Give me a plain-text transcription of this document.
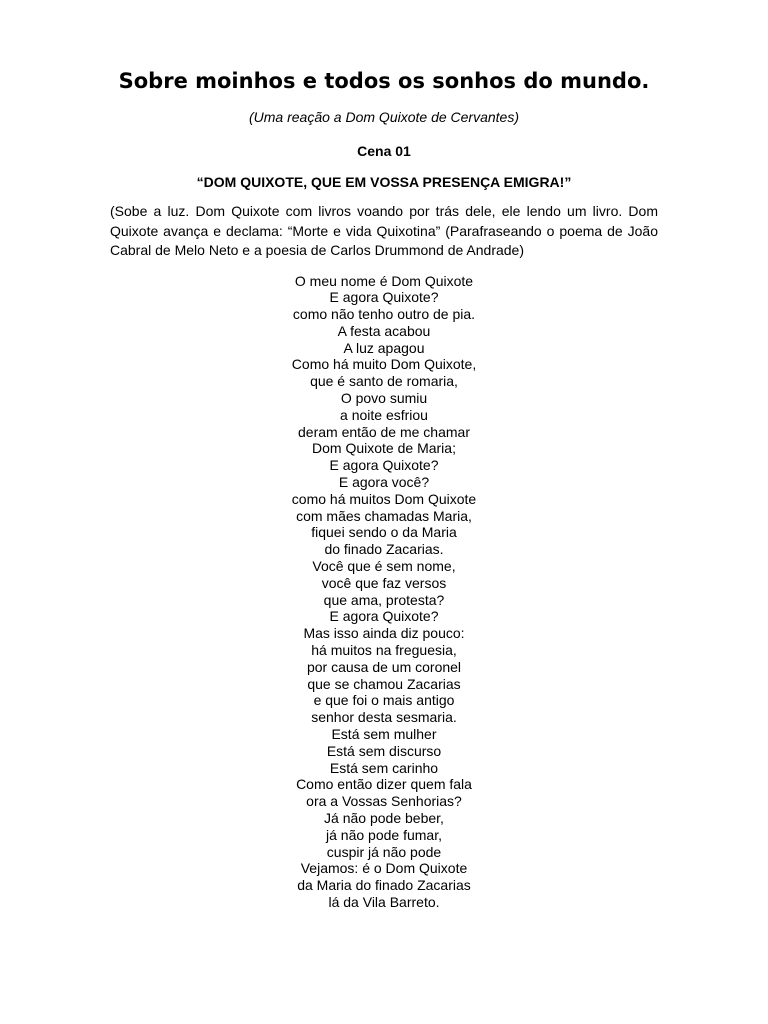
Sobre moinhos e todos os sonhos do mundo.

(Uma reação a Dom Quixote de Cervantes)

Cena 01

“DOM QUIXOTE, QUE EM VOSSA PRESENÇA EMIGRA!”

(Sobe a luz. Dom Quixote com livros voando por trás dele, ele lendo um livro. Dom Quixote avança e declama: “Morte e vida Quixotina” (Parafraseando o poema de João Cabral de Melo Neto e a poesia de Carlos Drummond de Andrade)

O meu nome é Dom Quixote
E agora Quixote?
como não tenho outro de pia.
A festa acabou
A luz apagou
Como há muito Dom Quixote,
que é santo de romaria,
O povo sumiu
a noite esfriou
deram então de me chamar
Dom Quixote de Maria;
E agora Quixote?
E agora você?
como há muitos Dom Quixote
com mães chamadas Maria,
fiquei sendo o da Maria
do finado Zacarias.
Você que é sem nome,
você que faz versos
que ama, protesta?
E agora Quixote?
Mas isso ainda diz pouco:
há muitos na freguesia,
por causa de um coronel
que se chamou Zacarias
e que foi o mais antigo
senhor desta sesmaria.
Está sem mulher
Está sem discurso
Está sem carinho
Como então dizer quem fala
ora a Vossas Senhorias?
Já não pode beber,
já não pode fumar,
cuspir já não pode
Vejamos: é o Dom Quixote
da Maria do finado Zacarias
lá da Vila Barreto.
